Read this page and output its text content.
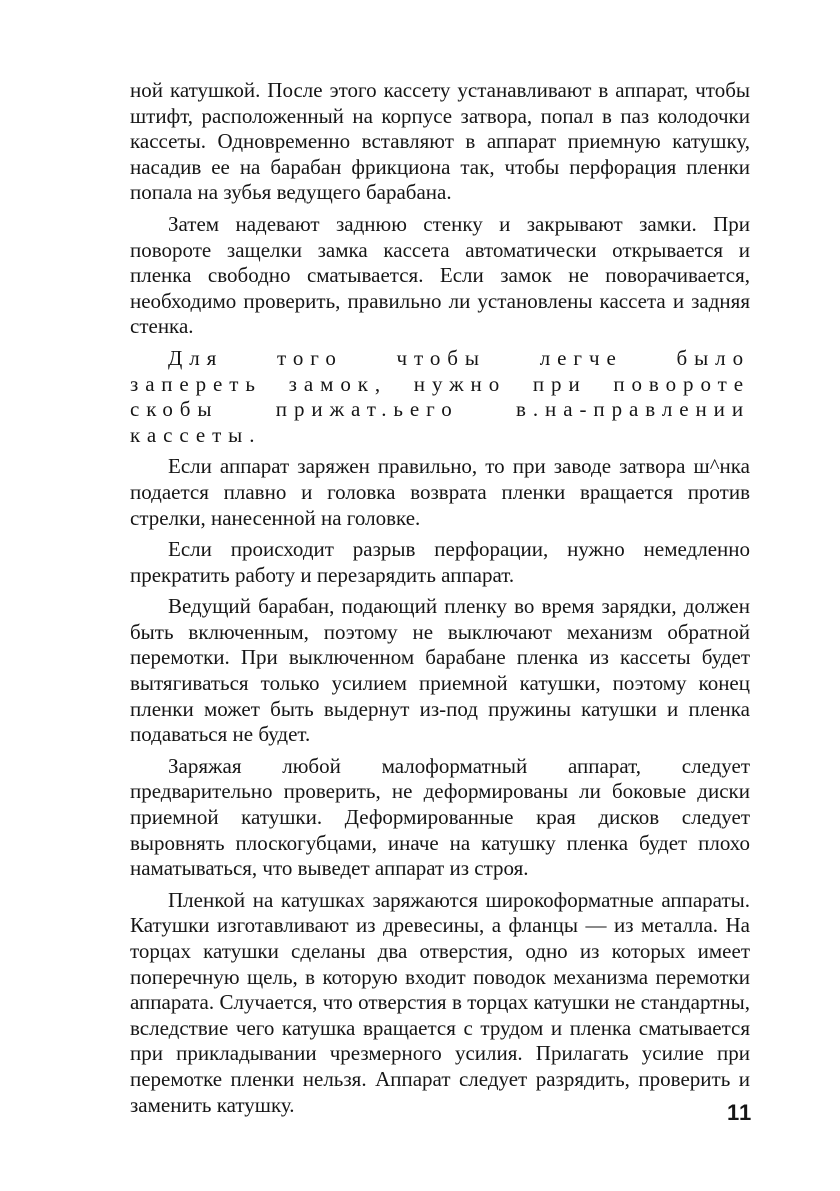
ной катушкой. После этого кассету устанавливают в аппарат, чтобы штифт, расположенный на корпусе затвора, попал в паз колодочки кассеты. Одновременно вставляют в аппарат приемную катушку, насадив ее на барабан фрикциона так, чтобы перфорация пленки попала на зубья ведущего барабана.

Затем надевают заднюю стенку и закрывают замки. При повороте защелки замка кассета автоматически открывается и пленка свободно сматывается. Если замок не поворачивается, необходимо проверить, правильно ли установлены кассета и задняя стенка.

Для того чтобы легче было запереть замок, нужно при повороте скобы прижат.ьего в.на-правлении кассеты.

Если аппарат заряжен правильно, то при заводе затвора ш^нка подается плавно и головка возврата пленки вращается против стрелки, нанесенной на головке.

Если происходит разрыв перфорации, нужно немедленно прекратить работу и перезарядить аппарат.

Ведущий барабан, подающий пленку во время зарядки, должен быть включенным, поэтому не выключают механизм обратной перемотки. При выключенном барабане пленка из кассеты будет вытягиваться только усилием приемной катушки, поэтому конец пленки может быть выдернут из-под пружины катушки и пленка подаваться не будет.

Заряжая любой малоформатный аппарат, следует предварительно проверить, не деформированы ли боковые диски приемной катушки. Деформированные края дисков следует выровнять плоскогубцами, иначе на катушку пленка будет плохо наматываться, что выведет аппарат из строя.

Пленкой на катушках заряжаются широкоформатные аппараты. Катушки изготавливают из древесины, а фланцы — из металла. На торцах катушки сделаны два отверстия, одно из которых имеет поперечную щель, в которую входит поводок механизма перемотки аппарата. Случается, что отверстия в торцах катушки не стандартны, вследствие чего катушка вращается с трудом и пленка сматывается при прикладывании чрезмерного усилия. Прилагать усилие при перемотке пленки нельзя. Аппарат следует разрядить, проверить и заменить катушку.	11
